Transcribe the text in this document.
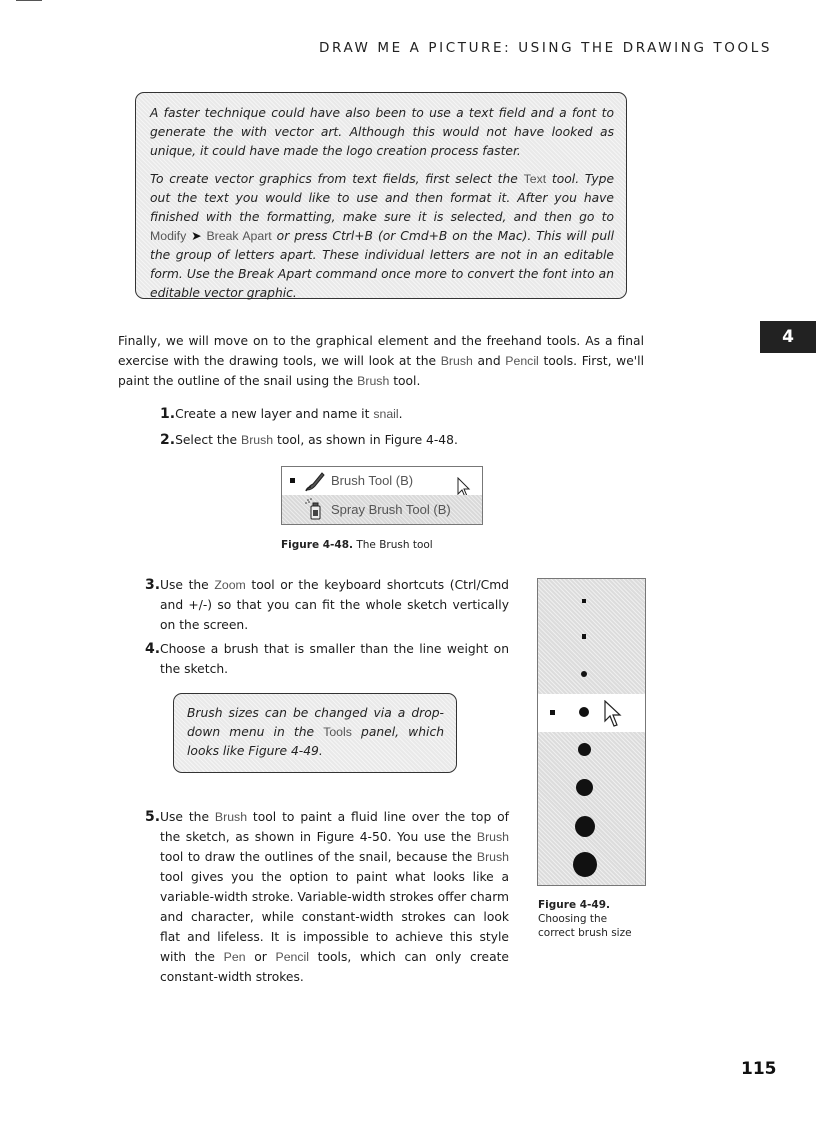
DRAW ME A PICTURE: USING THE DRAWING TOOLS

A faster technique could have also been to use a text field and a font to generate the with vector art. Although this would not have looked as unique, it could have made the logo creation process faster.

To create vector graphics from text fields, first select the Text tool. Type out the text you would like to use and then format it. After you have finished with the formatting, make sure it is selected, and then go to Modify ➤ Break Apart or press Ctrl+B (or Cmd+B on the Mac). This will pull the group of letters apart. These individual letters are not in an editable form. Use the Break Apart command once more to convert the font into an editable vector graphic.

4

Finally, we will move on to the graphical element and the freehand tools. As a final exercise with the drawing tools, we will look at the Brush and Pencil tools. First, we'll paint the outline of the snail using the Brush tool.

1.Create a new layer and name it snail.
2.Select the Brush tool, as shown in Figure 4-48.
Brush Tool (B)
Spray Brush Tool (B)
Figure 4-48. The Brush tool
3. Use the Zoom tool or the keyboard shortcuts (Ctrl/Cmd and +/-) so that you can fit the whole sketch vertically on the screen.
4. Choose a brush that is smaller than the line weight on the sketch.

Brush sizes can be changed via a drop-down menu in the Tools panel, which looks like Figure 4-49.

5. Use the Brush tool to paint a fluid line over the top of the sketch, as shown in Figure 4-50. You use the Brush tool to draw the outlines of the snail, because the Brush tool gives you the option to paint what looks like a variable-width stroke. Variable-width strokes offer charm and character, while constant-width strokes can look flat and lifeless. It is impossible to achieve this style with the Pen or Pencil tools, which can only create constant-width strokes.
Figure 4-49.
Choosing the
correct brush size
115
